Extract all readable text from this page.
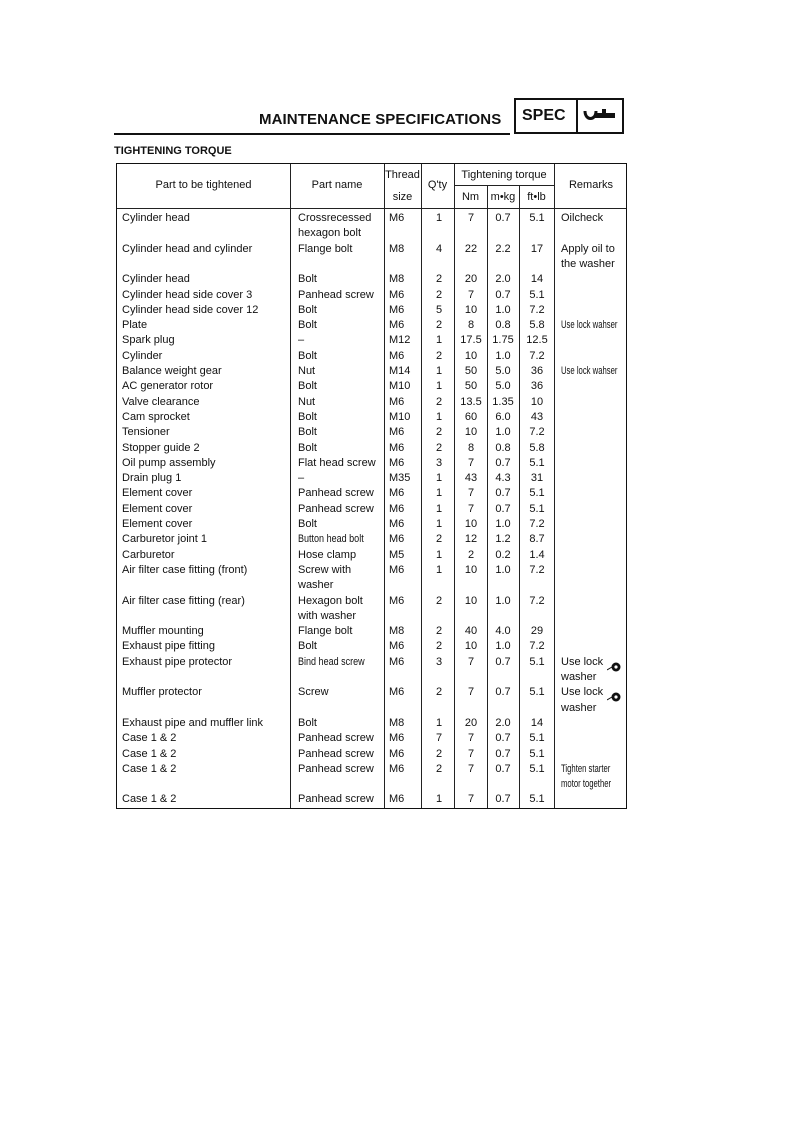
MAINTENANCE SPECIFICATIONS SPEC
TIGHTENING TORQUE
Part to be tightened	Part name
Thread
size
Q'ty
Tightening torque
Nm	m•kg	ft•lb
Remarks
Cylinder head	Crossrecessed M6	1	7	0.7	5.1	Oilcheck
hexagon bolt
Cylinder head and cylinder	Flange bolt	M8	4	22	2.2	17	Apply oil to
the washer
Cylinder head	Bolt	M8	2	20	2.0	14
Cylinder head side cover 3	Panhead screw M6	2	7	0.7	5.1
Cylinder head side cover 12	Bolt	M6	5	10	1.0	7.2
Plate	Bolt	M6	2	8	0.8	5.8	Use lock wahser
Spark plug	–	M12	1	17.5 1.75	12.5
Cylinder	Bolt	M6	2	10	1.0	7.2
Balance weight gear	Nut	M14	1	50	5.0	36	Use lock wahser
AC generator rotor	Bolt	M10	1	50	5.0	36
Valve clearance	Nut	M6	2	13.5 1.35	10
Cam sprocket	Bolt	M10	1	60	6.0	43
Tensioner	Bolt	M6	2	10	1.0	7.2
Stopper guide 2	Bolt	M6	2	8	0.8	5.8
Oil pump assembly	Flat head screw M6	3	7	0.7	5.1
Drain plug 1	–	M35	1	43	4.3	31
Element cover	Panhead screw M6	1	7	0.7	5.1
Element cover	Panhead screw M6	1	7	0.7	5.1
Element cover	Bolt	M6	1	10	1.0	7.2
Carburetor joint 1	Button head bolt M6	2	12	1.2	8.7
Carburetor	Hose clamp	M5	1	2	0.2	1.4
Air filter case fitting (front)	Screw with	M6	1	10	1.0	7.2
washer
Air filter case fitting (rear)	Hexagon bolt M6	2	10	1.0	7.2
with washer
Muffler mounting	Flange bolt	M8	2	40	4.0	29
Exhaust pipe fitting	Bolt	M6	2	10	1.0	7.2
Exhaust pipe protector	Bind head screw M6	3	7	0.7	5.1	Use lock
washer
Muffler protector	Screw	M6	2	7	0.7	5.1	Use lock
washer
Exhaust pipe and muffler link	Bolt	M8	1	20	2.0	14
Case 1 & 2	Panhead screw M6	7	7	0.7	5.1
Case 1 & 2	Panhead screw M6	2	7	0.7	5.1
Case 1 & 2	Panhead screw M6	2	7	0.7	5.1	Tighten starter
motor together
Case 1 & 2	Panhead screw M6	1	7	0.7	5.1
